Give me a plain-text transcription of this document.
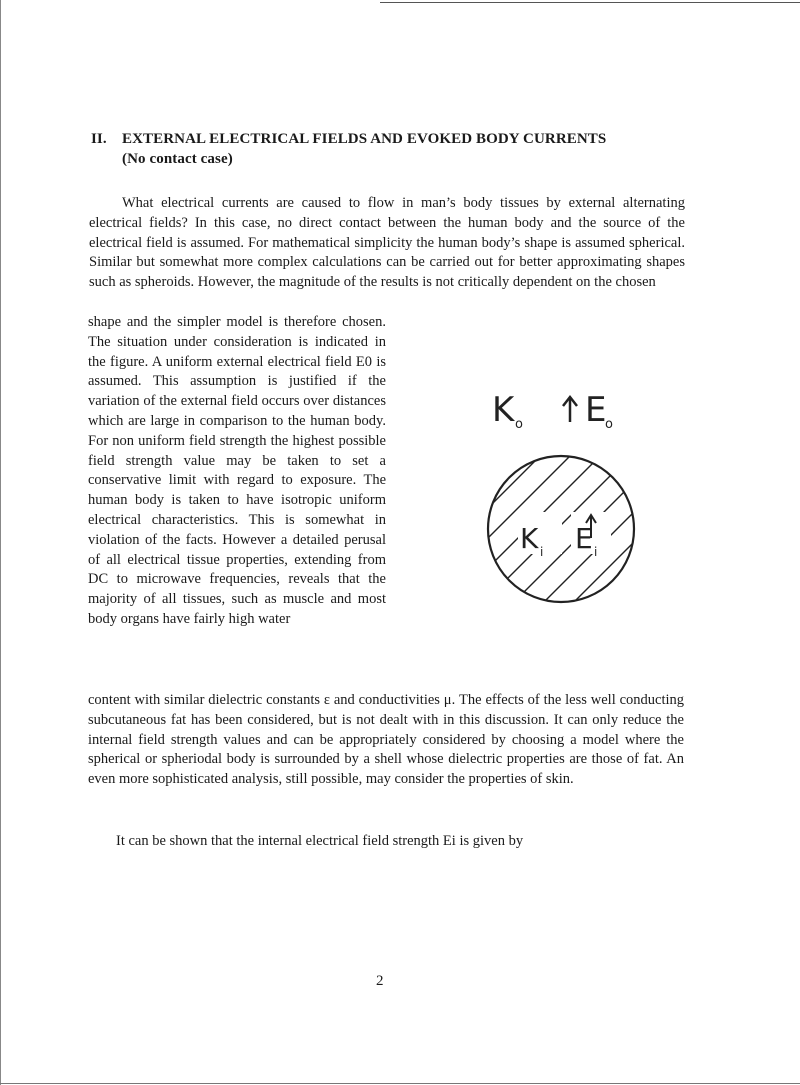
II. EXTERNAL ELECTRICAL FIELDS AND EVOKED BODY CURRENTS
(No contact case)
What electrical currents are caused to flow in man’s body tissues by external alternating electrical fields? In this case, no direct contact between the human body and the source of the electrical field is assumed. For mathematical simplicity the human body’s shape is assumed spherical. Similar but somewhat more complex calculations can be carried out for better approximating shapes such as spheroids. However, the magnitude of the results is not critically dependent on the chosen
shape and the simpler model is therefore chosen. The situation under consideration is indicated in the figure. A uniform external electrical field E0 is assumed. This assumption is justified if the variation of the external field occurs over distances which are large in comparison to the human body. For non uniform field strength the highest possible field strength value may be taken to set a conservative limit with regard to exposure. The human body is taken to have isotropic uniform electrical characteristics. This is somewhat in violation of the facts. However a detailed perusal of all electrical tissue properties, extending from DC to microwave frequencies, reveals that the majority of all tissues, such as muscle and most body organs have fairly high water
K o E
o
K i E i
content with similar dielectric constants ε and conductivities μ. The effects of the less well conducting subcutaneous fat has been considered, but is not dealt with in this discussion. It can only reduce the internal field strength values and can be appropriately considered by choosing a model where the spherical or spheriodal body is surrounded by a shell whose dielectric properties are those of fat. An even more sophisticated analysis, still possible, may consider the properties of skin.
It can be shown that the internal electrical field strength Ei is given by
2
